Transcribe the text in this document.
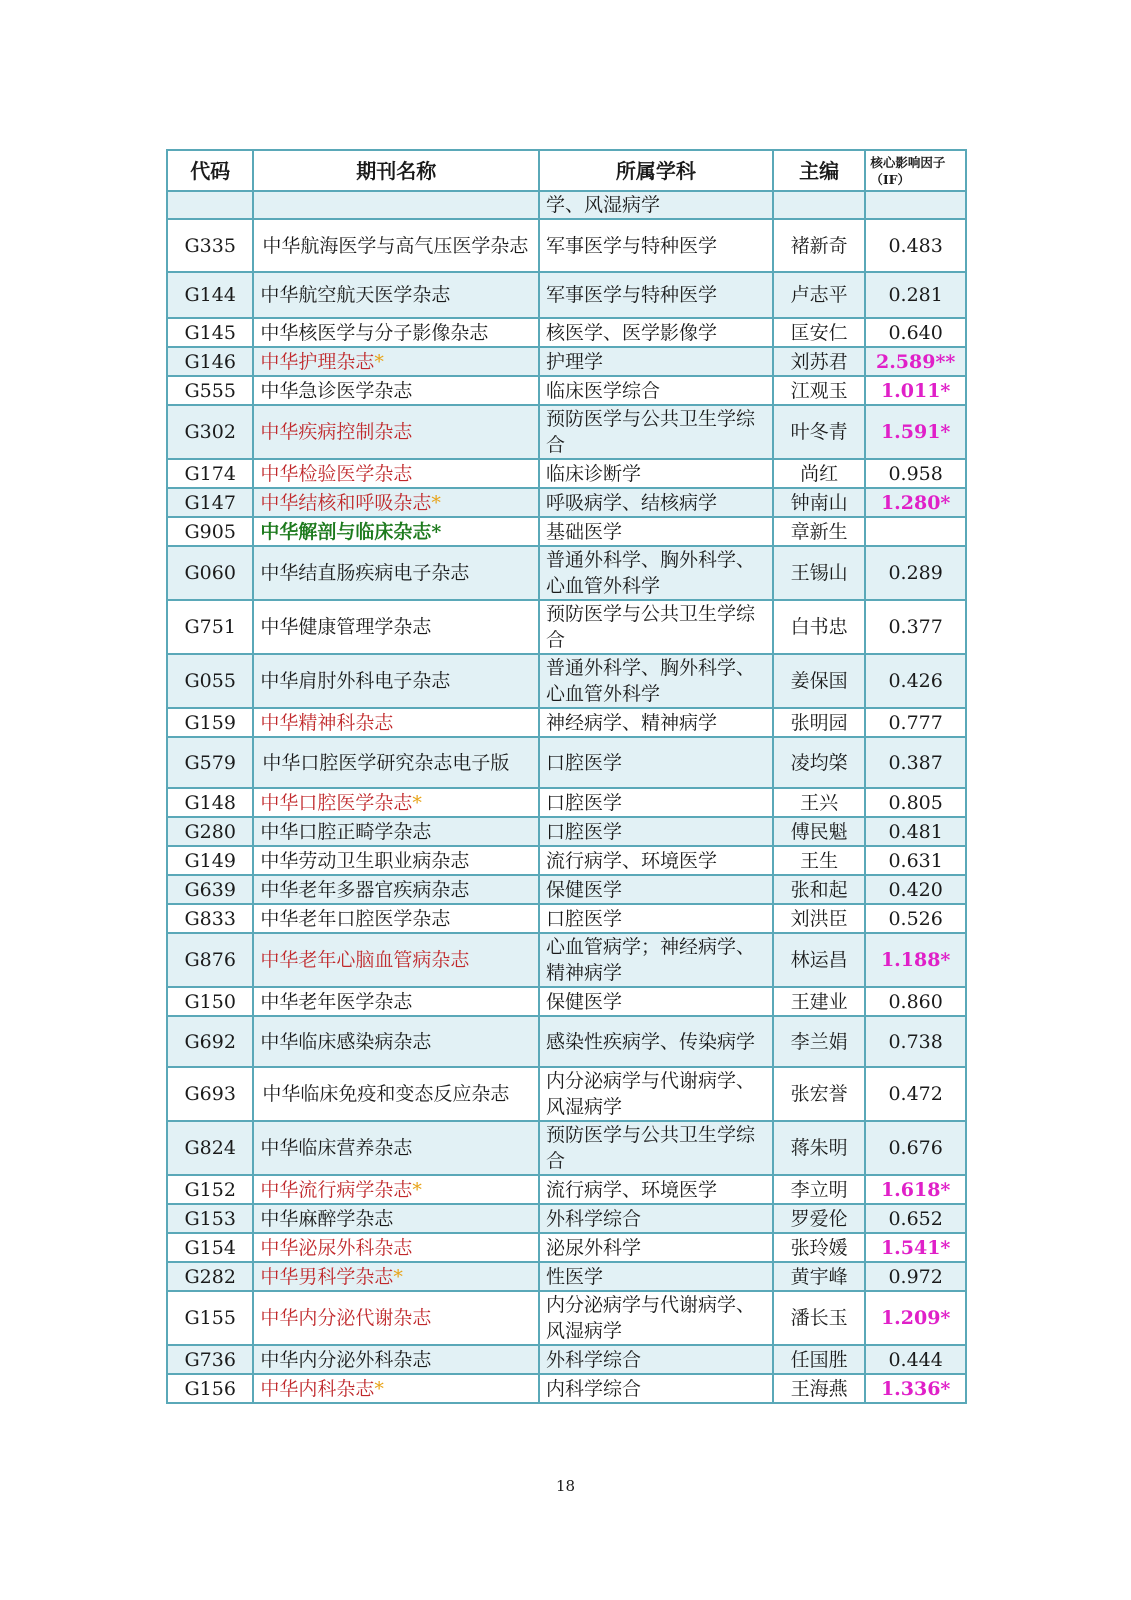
代码	期刊名称	所属学科	主编	核心影响因子（IF）
		学、风湿病学		
G335	中华航海医学与高气压医学杂志	军事医学与特种医学	褚新奇	0.483
G144	中华航空航天医学杂志	军事医学与特种医学	卢志平	0.281
G145	中华核医学与分子影像杂志	核医学、医学影像学	匡安仁	0.640
G146	中华护理杂志*	护理学	刘苏君	2.589**
G555	中华急诊医学杂志	临床医学综合	江观玉	1.011*
G302	中华疾病控制杂志	预防医学与公共卫生学综合	叶冬青	1.591*
G174	中华检验医学杂志	临床诊断学	尚红	0.958
G147	中华结核和呼吸杂志*	呼吸病学、结核病学	钟南山	1.280*
G905	中华解剖与临床杂志*	基础医学	章新生	
G060	中华结直肠疾病电子杂志	普通外科学、胸外科学、心血管外科学	王锡山	0.289
G751	中华健康管理学杂志	预防医学与公共卫生学综合	白书忠	0.377
G055	中华肩肘外科电子杂志	普通外科学、胸外科学、心血管外科学	姜保国	0.426
G159	中华精神科杂志	神经病学、精神病学	张明园	0.777
G579	中华口腔医学研究杂志电子版	口腔医学	凌均棨	0.387
G148	中华口腔医学杂志*	口腔医学	王兴	0.805
G280	中华口腔正畸学杂志	口腔医学	傅民魁	0.481
G149	中华劳动卫生职业病杂志	流行病学、环境医学	王生	0.631
G639	中华老年多器官疾病杂志	保健医学	张和起	0.420
G833	中华老年口腔医学杂志	口腔医学	刘洪臣	0.526
G876	中华老年心脑血管病杂志	心血管病学；神经病学、精神病学	林运昌	1.188*
G150	中华老年医学杂志	保健医学	王建业	0.860
G692	中华临床感染病杂志	感染性疾病学、传染病学	李兰娟	0.738
G693	中华临床免疫和变态反应杂志	内分泌病学与代谢病学、风湿病学	张宏誉	0.472
G824	中华临床营养杂志	预防医学与公共卫生学综合	蒋朱明	0.676
G152	中华流行病学杂志*	流行病学、环境医学	李立明	1.618*
G153	中华麻醉学杂志	外科学综合	罗爱伦	0.652
G154	中华泌尿外科杂志	泌尿外科学	张玲媛	1.541*
G282	中华男科学杂志*	性医学	黄宇峰	0.972
G155	中华内分泌代谢杂志	内分泌病学与代谢病学、风湿病学	潘长玉	1.209*
G736	中华内分泌外科杂志	外科学综合	任国胜	0.444
G156	中华内科杂志*	内科学综合	王海燕	1.336*
18
